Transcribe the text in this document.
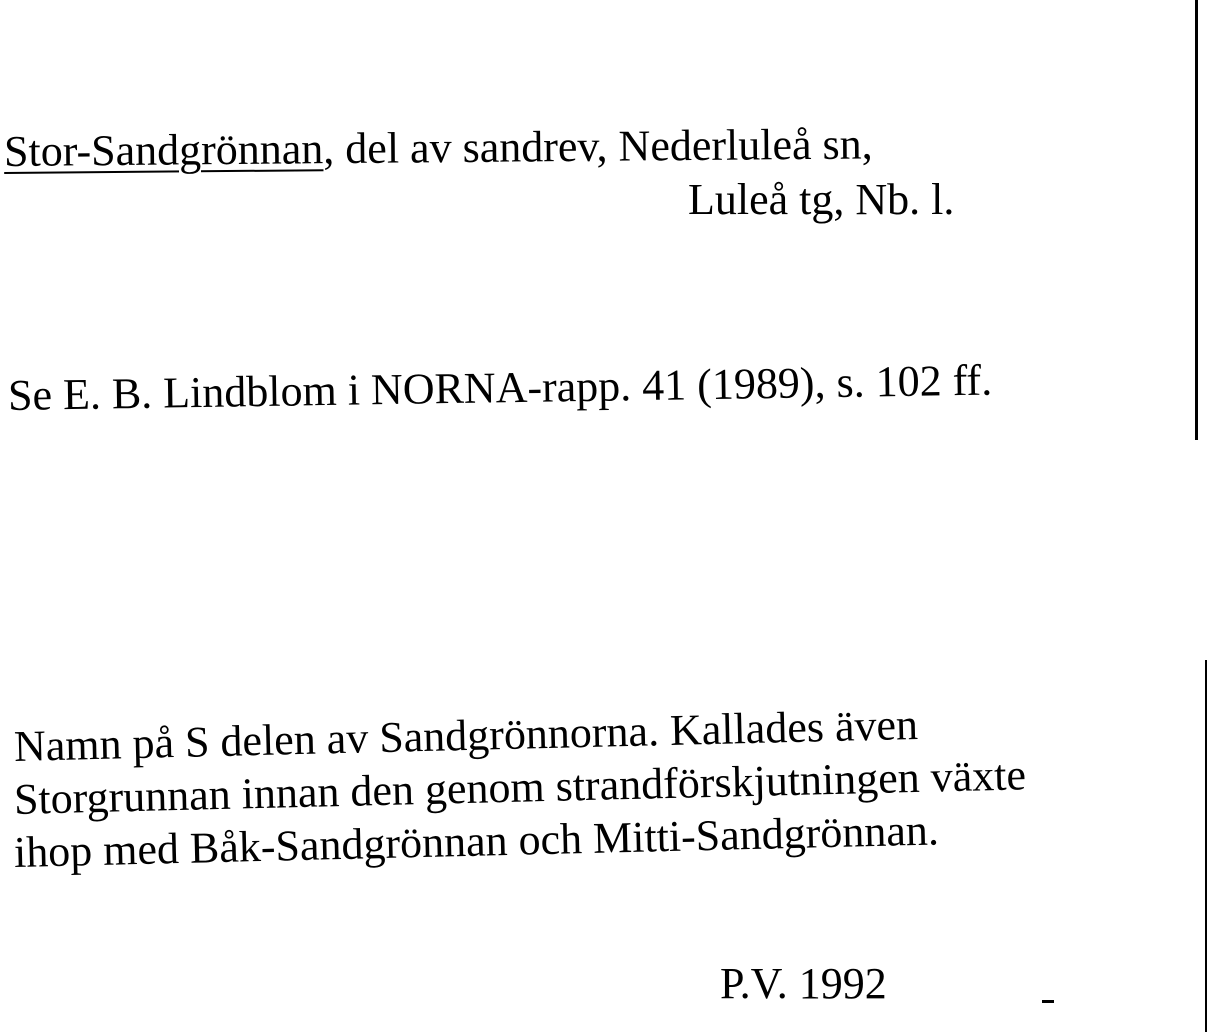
Stor-Sandgrönnan, del av sandrev, Nederluleå sn,
Luleå tg, Nb. l.
Se E. B. Lindblom i NORNA-rapp. 41 (1989), s. 102 ff.
Namn på S delen av Sandgrönnorna. Kallades även
Storgrunnan innan den genom strandförskjutningen växte
ihop med Båk-Sandgrönnan och Mitti-Sandgrönnan.
P.V. 1992
